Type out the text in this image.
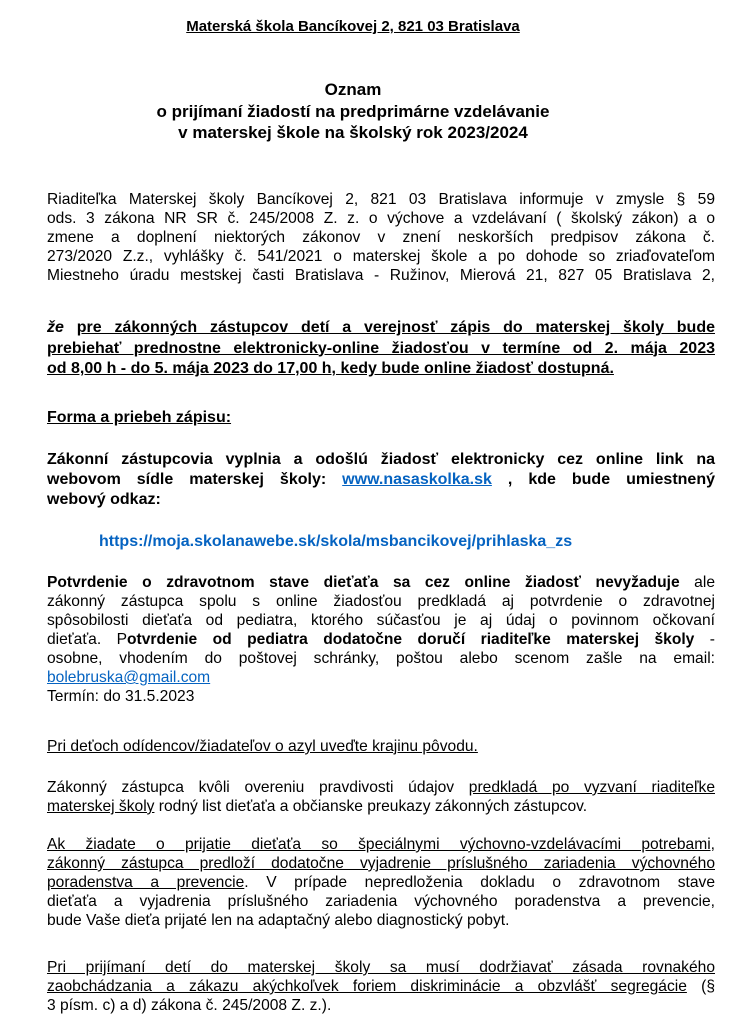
Materská škola Bancíkovej 2, 821 03 Bratislava
Oznam
o prijímaní žiadostí na predprimárne vzdelávanie
v materskej škole na školský rok 2023/2024
Riaditeľka Materskej školy Bancíkovej 2, 821 03 Bratislava informuje v zmysle § 59
ods. 3 zákona NR SR č. 245/2008 Z. z. o výchove a vzdelávaní ( školský zákon) a o
zmene a doplnení niektorých zákonov v znení neskorších predpisov zákona č.
273/2020 Z.z., vyhlášky č. 541/2021 o materskej škole a po dohode so zriaďovateľom
Miestneho úradu mestskej časti Bratislava - Ružinov, Mierová 21, 827 05 Bratislava 2,
že pre zákonných zástupcov detí a verejnosť zápis do materskej školy bude
prebiehať prednostne elektronicky-online žiadosťou v termíne od 2. mája 2023
od 8,00 h - do 5. mája 2023 do 17,00 h, kedy bude online žiadosť dostupná.
Forma a priebeh zápisu:
Zákonní zástupcovia vyplnia a odošlú žiadosť elektronicky cez online link na
webovom sídle materskej školy: www.nasaskolka.sk , kde bude umiestnený
webový odkaz:
https://moja.skolanawebe.sk/skola/msbancikovej/prihlaska_zs
Potvrdenie o zdravotnom stave dieťaťa sa cez online žiadosť nevyžaduje ale
zákonný zástupca spolu s online žiadosťou predkladá aj potvrdenie o zdravotnej
spôsobilosti dieťaťa od pediatra, ktorého súčasťou je aj údaj o povinnom očkovaní
dieťaťa. Potvrdenie od pediatra dodatočne doručí riaditeľke materskej školy -
osobne, vhodením do poštovej schránky, poštou alebo scenom zašle na email:
bolebruska@gmail.com
Termín: do 31.5.2023
Pri deťoch odídencov/žiadateľov o azyl uveďte krajinu pôvodu.
Zákonný zástupca kvôli overeniu pravdivosti údajov predkladá po vyzvaní riaditeľke
materskej školy rodný list dieťaťa a občianske preukazy zákonných zástupcov.
Ak žiadate o prijatie dieťaťa so špeciálnymi výchovno-vzdelávacími potrebami,
zákonný zástupca predloží dodatočne vyjadrenie príslušného zariadenia výchovného
poradenstva a prevencie. V prípade nepredloženia dokladu o zdravotnom stave
dieťaťa a vyjadrenia príslušného zariadenia výchovného poradenstva a prevencie,
bude Vaše dieťa prijaté len na adaptačný alebo diagnostický pobyt.
Pri prijímaní detí do materskej školy sa musí dodržiavať zásada rovnakého
zaobchádzania a zákazu akýchkoľvek foriem diskriminácie a obzvlášť segregácie (§
3 písm. c) a d) zákona č. 245/2008 Z. z.).
